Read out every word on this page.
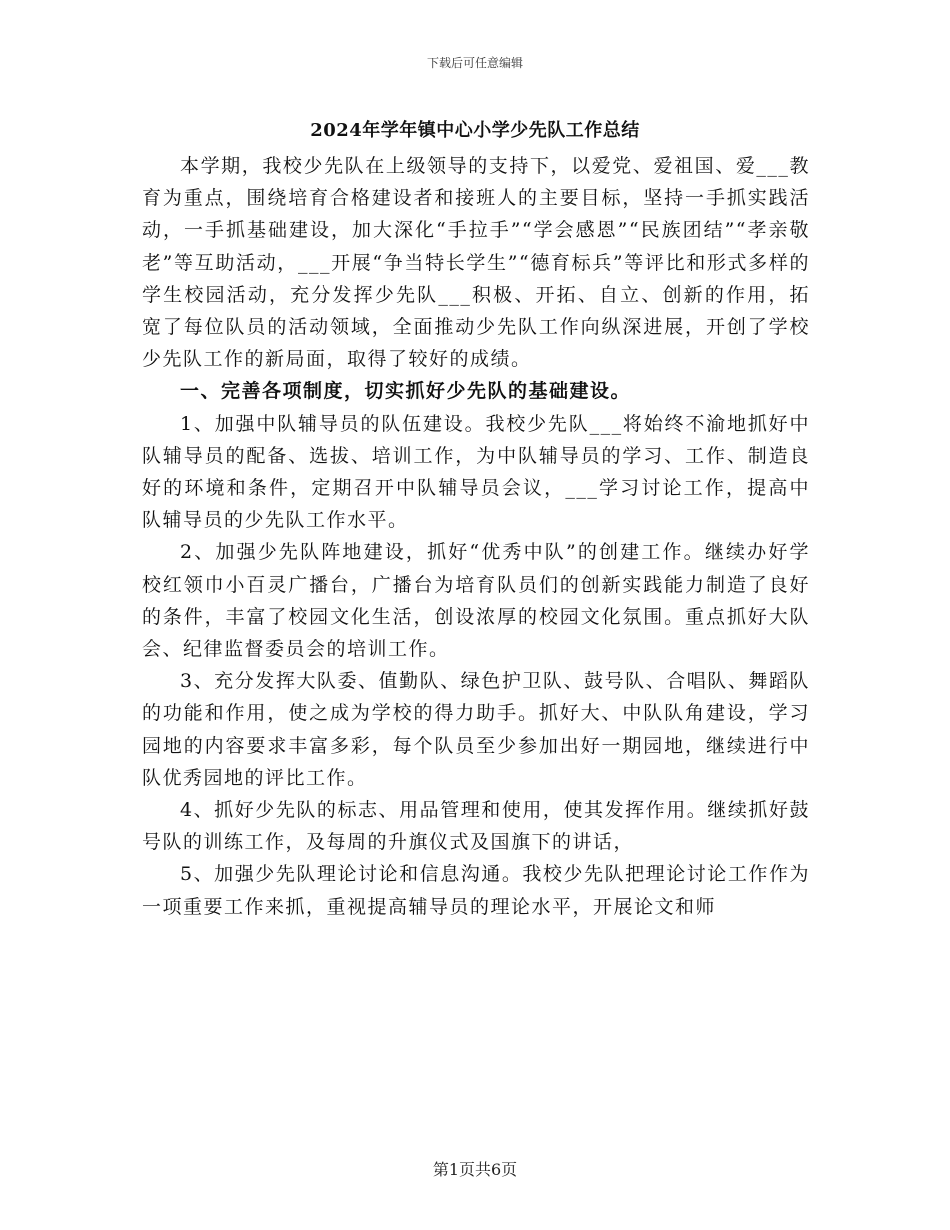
下载后可任意编辑
2024年学年镇中心小学少先队工作总结

本学期，我校少先队在上级领导的支持下，以爱党、爱祖国、爱___教育为重点，围绕培育合格建设者和接班人的主要目标，坚持一手抓实践活动，一手抓基础建设，加大深化“手拉手”“学会感恩”“民族团结”“孝亲敬老”等互助活动，___开展“争当特长学生”“德育标兵”等评比和形式多样的学生校园活动，充分发挥少先队___积极、开拓、自立、创新的作用，拓宽了每位队员的活动领域，全面推动少先队工作向纵深进展，开创了学校少先队工作的新局面，取得了较好的成绩。

一、完善各项制度，切实抓好少先队的基础建设。

1、加强中队辅导员的队伍建设。我校少先队___将始终不渝地抓好中队辅导员的配备、选拔、培训工作，为中队辅导员的学习、工作、制造良好的环境和条件，定期召开中队辅导员会议，___学习讨论工作，提高中队辅导员的少先队工作水平。

2、加强少先队阵地建设，抓好“优秀中队”的创建工作。继续办好学校红领巾小百灵广播台，广播台为培育队员们的创新实践能力制造了良好的条件，丰富了校园文化生活，创设浓厚的校园文化氛围。重点抓好大队会、纪律监督委员会的培训工作。

3、充分发挥大队委、值勤队、绿色护卫队、鼓号队、合唱队、舞蹈队的功能和作用，使之成为学校的得力助手。抓好大、中队队角建设，学习园地的内容要求丰富多彩，每个队员至少参加出好一期园地，继续进行中队优秀园地的评比工作。

4、抓好少先队的标志、用品管理和使用，使其发挥作用。继续抓好鼓号队的训练工作，及每周的升旗仪式及国旗下的讲话，

5、加强少先队理论讨论和信息沟通。我校少先队把理论讨论工作作为一项重要工作来抓，重视提高辅导员的理论水平，开展论文和师

第1页共6页
